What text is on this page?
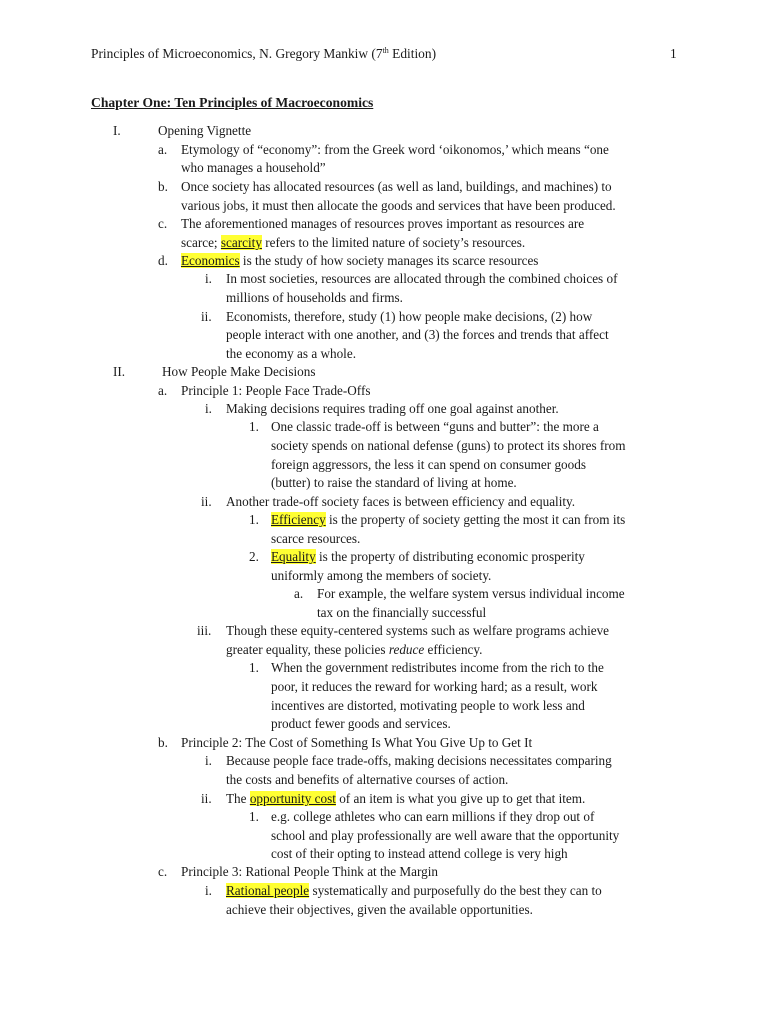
Principles of Microeconomics, N. Gregory Mankiw (7th Edition)	1
Chapter One: Ten Principles of Macroeconomics
I.	Opening Vignette
a. Etymology of “economy”: from the Greek word ‘oikonomos,’ which means “one
who manages a household”
b. Once society has allocated resources (as well as land, buildings, and machines) to
various jobs, it must then allocate the goods and services that have been produced.
c. The aforementioned manages of resources proves important as resources are
scarce; scarcity refers to the limited nature of society’s resources.
d. Economics is the study of how society manages its scarce resources
i. In most societies, resources are allocated through the combined choices of
millions of households and firms.
ii. Economists, therefore, study (1) how people make decisions, (2) how
people interact with one another, and (3) the forces and trends that affect
the economy as a whole.
II.	How People Make Decisions
a. Principle 1: People Face Trade-Offs
i. Making decisions requires trading off one goal against another.
1. One classic trade-off is between “guns and butter”: the more a
society spends on national defense (guns) to protect its shores from
foreign aggressors, the less it can spend on consumer goods
(butter) to raise the standard of living at home.
ii. Another trade-off society faces is between efficiency and equality.
1. Efficiency is the property of society getting the most it can from its
scarce resources.
2. Equality is the property of distributing economic prosperity
uniformly among the members of society.
a. For example, the welfare system versus individual income
tax on the financially successful
iii. Though these equity-centered systems such as welfare programs achieve
greater equality, these policies reduce efficiency.
1. When the government redistributes income from the rich to the
poor, it reduces the reward for working hard; as a result, work
incentives are distorted, motivating people to work less and
product fewer goods and services.
b. Principle 2: The Cost of Something Is What You Give Up to Get It
i. Because people face trade-offs, making decisions necessitates comparing
the costs and benefits of alternative courses of action.
ii. The opportunity cost of an item is what you give up to get that item.
1. e.g. college athletes who can earn millions if they drop out of
school and play professionally are well aware that the opportunity
cost of their opting to instead attend college is very high
c. Principle 3: Rational People Think at the Margin
i. Rational people systematically and purposefully do the best they can to
achieve their objectives, given the available opportunities.
